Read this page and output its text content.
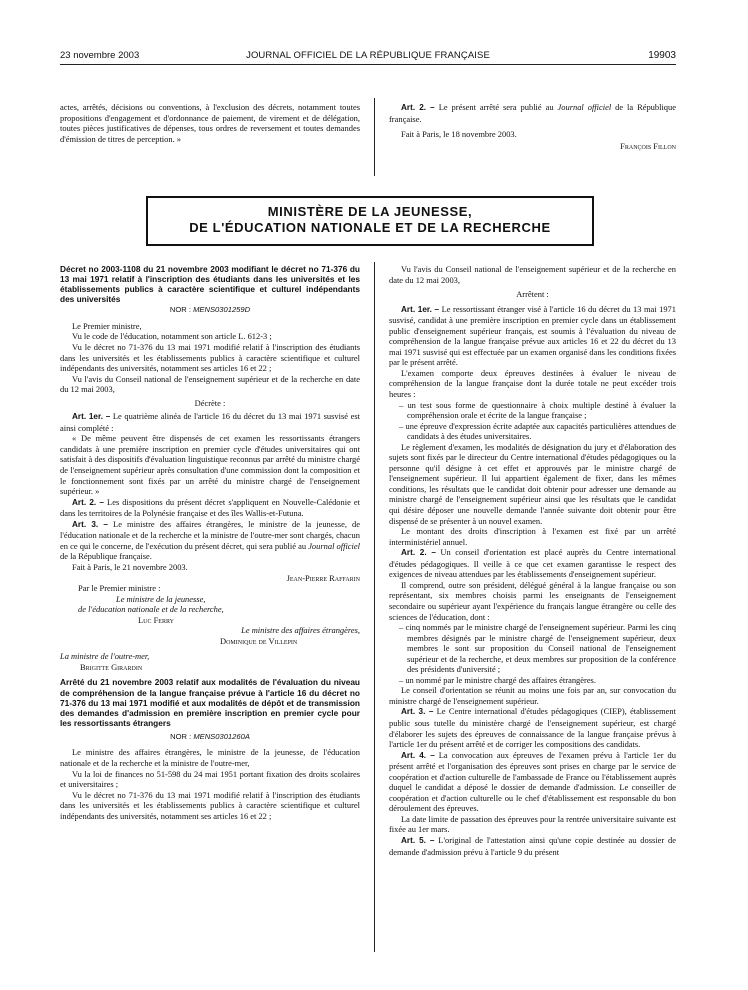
23 novembre 2003	JOURNAL OFFICIEL DE LA RÉPUBLIQUE FRANÇAISE	19903

actes, arrêtés, décisions ou conventions, à l'exclusion des décrets, notamment toutes propositions d'engagement et d'ordonnance de paiement, de virement et de délégation, toutes pièces justificatives de dépenses, tous ordres de reversement et toutes demandes d'émission de titres de perception. »

Art. 2. – Le présent arrêté sera publié au Journal officiel de la République française.

Fait à Paris, le 18 novembre 2003.

François Fillon

MINISTÈRE DE LA JEUNESSE,
DE L'ÉDUCATION NATIONALE ET DE LA RECHERCHE
Décret no 2003-1108 du 21 novembre 2003 modifiant le décret no 71-376 du 13 mai 1971 relatif à l'inscription des étudiants dans les universités et les établissements publics à caractère scientifique et culturel indépendants des universités
NOR : MENS0301259D

Le Premier ministre,

Vu le code de l'éducation, notamment son article L. 612-3 ;

Vu le décret no 71-376 du 13 mai 1971 modifié relatif à l'inscription des étudiants dans les universités et les établissements publics à caractère scientifique et culturel indépendants des universités, notamment ses articles 16 et 22 ;

Vu l'avis du Conseil national de l'enseignement supérieur et de la recherche en date du 12 mai 2003,

Décrète :

Art. 1er. – Le quatrième alinéa de l'article 16 du décret du 13 mai 1971 susvisé est ainsi complété :

« De même peuvent être dispensés de cet examen les ressortissants étrangers candidats à une première inscription en premier cycle d'études universitaires qui ont satisfait à des dispositifs d'évaluation linguistique reconnus par arrêté du ministre chargé de l'enseignement supérieur après consultation d'une commission dont la composition et le fonctionnement sont fixés par un arrêté du ministre chargé de l'enseignement supérieur. »

Art. 2. – Les dispositions du présent décret s'appliquent en Nouvelle-Calédonie et dans les territoires de la Polynésie française et des îles Wallis-et-Futuna.

Art. 3. – Le ministre des affaires étrangères, le ministre de la jeunesse, de l'éducation nationale et de la recherche et la ministre de l'outre-mer sont chargés, chacun en ce qui le concerne, de l'exécution du présent décret, qui sera publié au Journal officiel de la République française.

Fait à Paris, le 21 novembre 2003.

Jean-Pierre Raffarin

Par le Premier ministre :

Le ministre de la jeunesse,

de l'éducation nationale et de la recherche,

Luc Ferry

Le ministre des affaires étrangères,

Dominique de Villepin

La ministre de l'outre-mer,

Brigitte Girardin

Arrêté du 21 novembre 2003 relatif aux modalités de l'évaluation du niveau de compréhension de la langue française prévue à l'article 16 du décret no 71-376 du 13 mai 1971 modifié et aux modalités de dépôt et de transmission des demandes d'admission en première inscription en premier cycle pour les ressortissants étrangers
NOR : MENS0301260A

Le ministre des affaires étrangères, le ministre de la jeunesse, de l'éducation nationale et de la recherche et la ministre de l'outre-mer,

Vu la loi de finances no 51-598 du 24 mai 1951 portant fixation des droits scolaires et universitaires ;

Vu le décret no 71-376 du 13 mai 1971 modifié relatif à l'inscription des étudiants dans les universités et les établissements publics à caractère scientifique et culturel indépendants des universités, notamment ses articles 16 et 22 ;

Vu l'avis du Conseil national de l'enseignement supérieur et de la recherche en date du 12 mai 2003,

Arrêtent :

Art. 1er. – Le ressortissant étranger visé à l'article 16 du décret du 13 mai 1971 susvisé, candidat à une première inscription en premier cycle dans un établissement public d'enseignement supérieur français, est soumis à l'évaluation du niveau de compréhension de la langue française prévue aux articles 16 et 22 du décret du 13 mai 1971 susvisé qui est effectuée par un examen organisé dans les conditions fixées par le présent arrêté.

L'examen comporte deux épreuves destinées à évaluer le niveau de compréhension de la langue française dont la durée totale ne peut excéder trois heures :

– un test sous forme de questionnaire à choix multiple destiné à évaluer la compréhension orale et écrite de la langue française ;

– une épreuve d'expression écrite adaptée aux capacités particulières attendues de candidats à des études universitaires.

Le règlement d'examen, les modalités de désignation du jury et d'élaboration des sujets sont fixés par le directeur du Centre international d'études pédagogiques ou la personne qu'il désigne à cet effet et approuvés par le ministre chargé de l'enseignement supérieur. Il lui appartient également de fixer, dans les mêmes conditions, les résultats que le candidat doit obtenir pour adresser une demande au ministre chargé de l'enseignement supérieur ainsi que les résultats que le candidat qui désire déposer une nouvelle demande l'année suivante doit obtenir pour être dispensé de se présenter à un nouvel examen.

Le montant des droits d'inscription à l'examen est fixé par un arrêté interministériel annuel.

Art. 2. – Un conseil d'orientation est placé auprès du Centre international d'études pédagogiques. Il veille à ce que cet examen garantisse le respect des exigences de niveau attendues par les établissements d'enseignement supérieur.

Il comprend, outre son président, délégué général à la langue française ou son représentant, six membres choisis parmi les enseignants de l'enseignement secondaire ou supérieur ayant l'expérience du français langue étrangère ou celle des sciences de l'éducation, dont :

– cinq nommés par le ministre chargé de l'enseignement supérieur. Parmi les cinq membres désignés par le ministre chargé de l'enseignement supérieur, deux membres le sont sur proposition du Conseil national de l'enseignement supérieur et de la recherche, et deux membres sur proposition de la conférence des présidents d'université ;

– un nommé par le ministre chargé des affaires étrangères.

Le conseil d'orientation se réunit au moins une fois par an, sur convocation du ministre chargé de l'enseignement supérieur.

Art. 3. – Le Centre international d'études pédagogiques (CIEP), établissement public sous tutelle du ministère chargé de l'enseignement supérieur, est chargé d'élaborer les sujets des épreuves de connaissance de la langue française prévus à l'article 1er du présent arrêté et de corriger les compositions des candidats.

Art. 4. – La convocation aux épreuves de l'examen prévu à l'article 1er du présent arrêté et l'organisation des épreuves sont prises en charge par le service de coopération et d'action culturelle de l'ambassade de France ou l'établissement auprès duquel le candidat a déposé le dossier de demande d'admission. Le conseiller de coopération et d'action culturelle ou le chef d'établissement est responsable du bon déroulement des épreuves.

La date limite de passation des épreuves pour la rentrée universitaire suivante est fixée au 1er mars.

Art. 5. – L'original de l'attestation ainsi qu'une copie destinée au dossier de demande d'admission prévu à l'article 9 du présent
